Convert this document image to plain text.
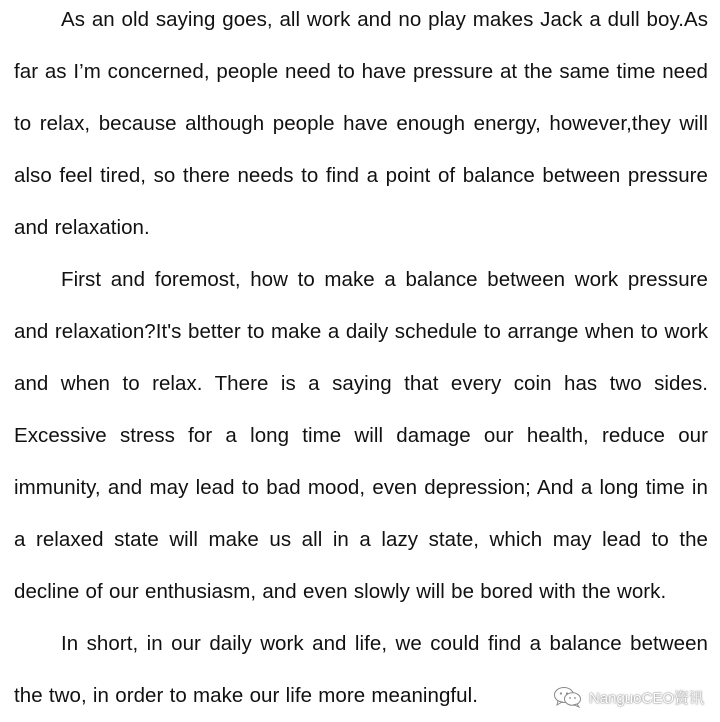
As an old saying goes, all work and no play makes Jack a dull boy.As far as I’m concerned, people need to have pressure at the same time need to relax, because although people have enough energy, however,they will also feel tired, so there needs to find a point of balance between pressure and relaxation.

First and foremost, how to make a balance between work pressure and relaxation?It's better to make a daily schedule to arrange when to work and when to relax. There is a saying that every coin has two sides. Excessive stress for a long time will damage our health, reduce our immunity, and may lead to bad mood, even depression; And a long time in a relaxed state will make us all in a lazy state, which may lead to the decline of our enthusiasm, and even slowly will be bored with the work.

In short, in our daily work and life, we could find a balance between the two, in order to make our life more meaningful.	NanguoCEO资讯
